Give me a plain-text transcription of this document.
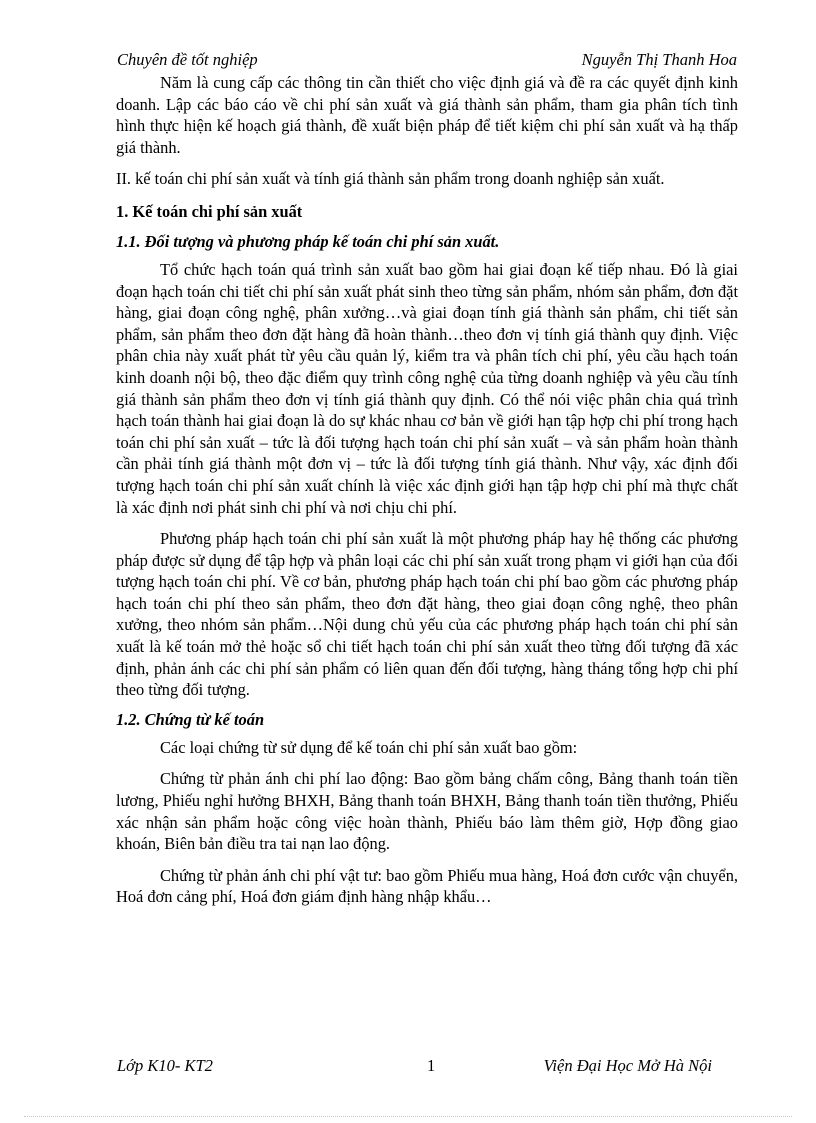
Chuyên đề tốt nghiệp	Nguyễn Thị Thanh Hoa

Năm là cung cấp các thông tin cần thiết cho việc định giá và đề ra các quyết định kinh doanh. Lập các báo cáo về chi phí sản xuất và giá thành sản phẩm, tham gia phân tích tình hình thực hiện kế hoạch giá thành, đề xuất biện pháp để tiết kiệm chi phí sản xuất và hạ thấp giá thành.

II. kế toán chi phí sản xuất và tính giá thành sản phẩm trong doanh nghiệp sản xuất.

1. Kế toán chi phí sản xuất
1.1. Đối tượng và phương pháp kế toán chi phí sản xuất.

Tổ chức hạch toán quá trình sản xuất bao gồm hai giai đoạn kế tiếp nhau. Đó là giai đoạn hạch toán chi tiết chi phí sản xuất phát sinh theo từng sản phẩm, nhóm sản phẩm, đơn đặt hàng, giai đoạn công nghệ, phân xưởng…và giai đoạn tính giá thành sản phẩm, chi tiết sản phẩm, sản phẩm theo đơn đặt hàng đã hoàn thành…theo đơn vị tính giá thành quy định. Việc phân chia này xuất phát từ yêu cầu quản lý, kiểm tra và phân tích chi phí, yêu cầu hạch toán kinh doanh nội bộ, theo đặc điểm quy trình công nghệ của từng doanh nghiệp và yêu cầu tính giá thành sản phẩm theo đơn vị tính giá thành quy định. Có thể nói việc phân chia quá trình hạch toán thành hai giai đoạn là do sự khác nhau cơ bản về giới hạn tập hợp chi phí trong hạch toán chi phí sản xuất – tức là đối tượng hạch toán chi phí sản xuất – và sản phẩm hoàn thành cần phải tính giá thành một đơn vị – tức là đối tượng tính giá thành. Như vậy, xác định đối tượng hạch toán chi phí sản xuất chính là việc xác định giới hạn tập hợp chi phí mà thực chất là xác định nơi phát sinh chi phí và nơi chịu chi phí.

Phương pháp hạch toán chi phí sản xuất là một phương pháp hay hệ thống các phương pháp được sử dụng để tập hợp và phân loại các chi phí sản xuất trong phạm vi giới hạn của đối tượng hạch toán chi phí. Về cơ bản, phương pháp hạch toán chi phí bao gồm các phương pháp hạch toán chi phí theo sản phẩm, theo đơn đặt hàng, theo giai đoạn công nghệ, theo phân xưởng, theo nhóm sản phẩm…Nội dung chủ yếu của các phương pháp hạch toán chi phí sản xuất là kế toán mở thẻ hoặc sổ chi tiết hạch toán chi phí sản xuất theo từng đối tượng đã xác định, phản ánh các chi phí sản phẩm có liên quan đến đối tượng, hàng tháng tổng hợp chi phí theo từng đối tượng.

1.2. Chứng từ kế toán

Các loại chứng từ sử dụng để kế toán chi phí sản xuất bao gồm:

Chứng từ phản ánh chi phí lao động: Bao gồm bảng chấm công, Bảng thanh toán tiền lương, Phiếu nghỉ hưởng BHXH, Bảng thanh toán BHXH, Bảng thanh toán tiền thưởng, Phiếu xác nhận sản phẩm hoặc công việc hoàn thành, Phiếu báo làm thêm giờ, Hợp đồng giao khoán, Biên bản điều tra tai nạn lao động.

Chứng từ phản ánh chi phí vật tư: bao gồm Phiếu mua hàng, Hoá đơn cước vận chuyển, Hoá đơn cảng phí, Hoá đơn giám định hàng nhập khẩu…

Lớp K10- KT2	1	Viện Đại Học Mở Hà Nội
